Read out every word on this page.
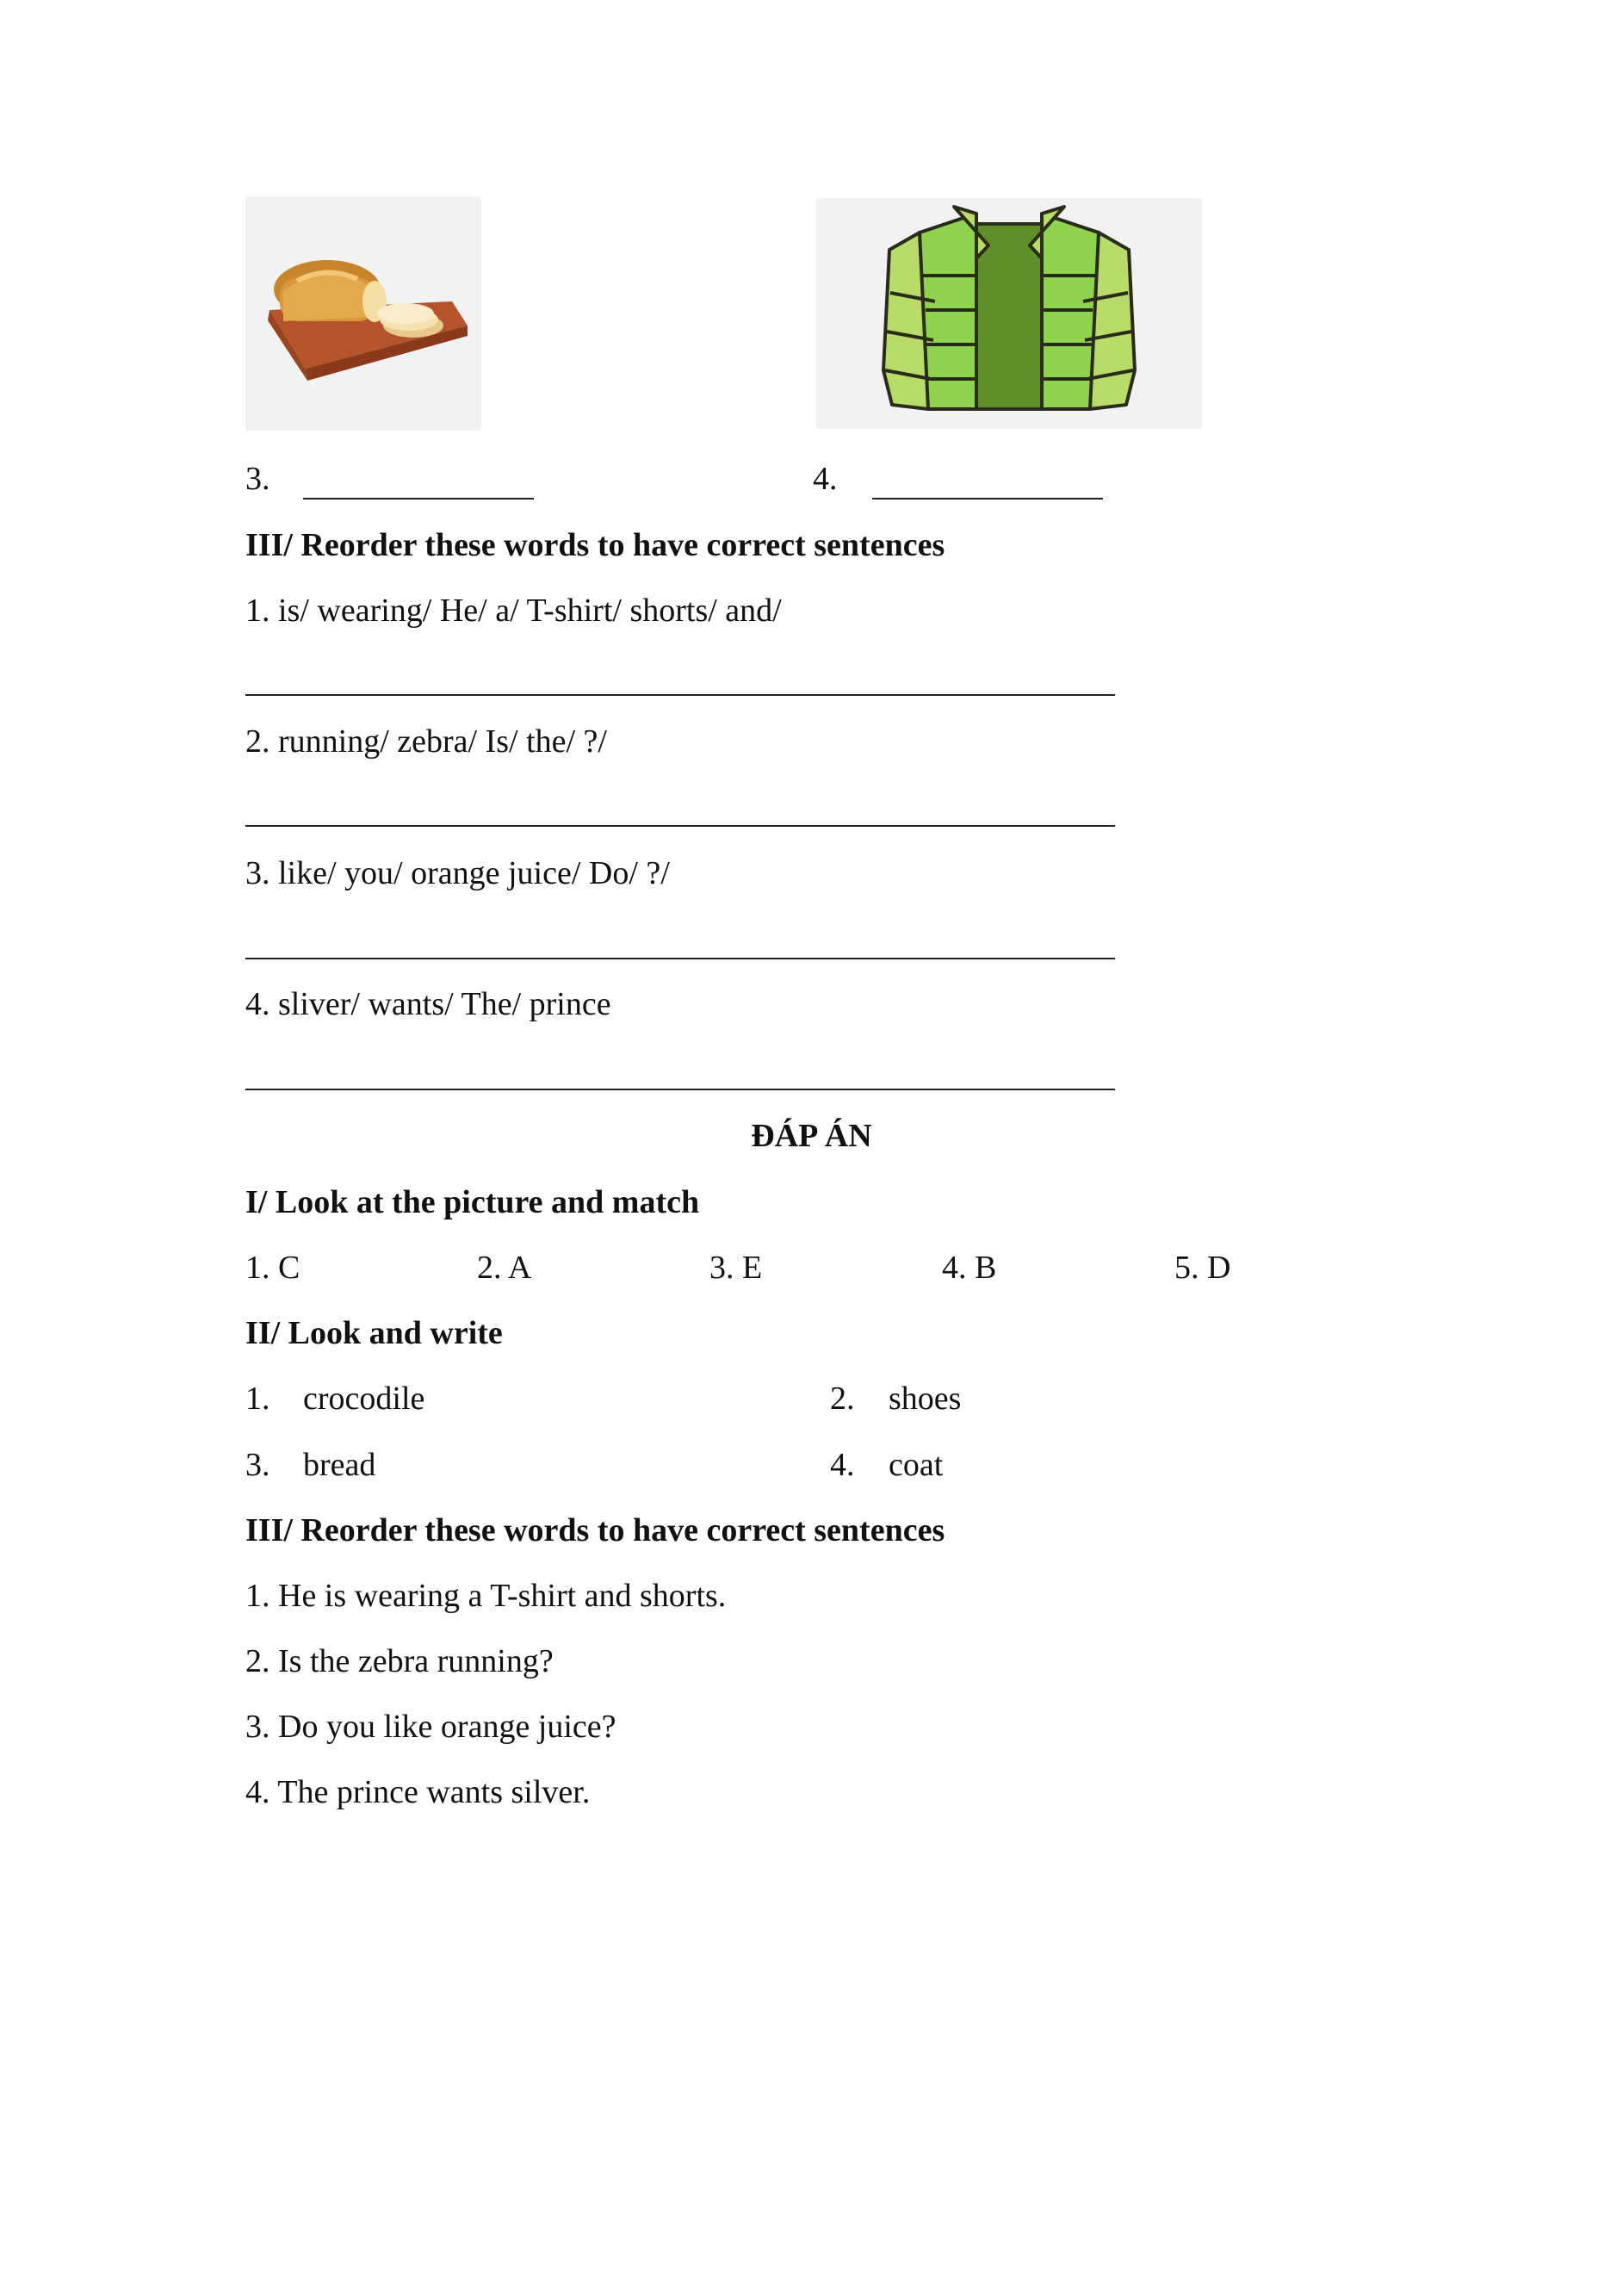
3.	4.
III/ Reorder these words to have correct sentences
1. is/ wearing/ He/ a/ T-shirt/ shorts/ and/
2. running/ zebra/ Is/ the/ ?/
3. like/ you/ orange juice/ Do/ ?/
4. sliver/ wants/ The/ prince
ĐÁP ÁN
I/ Look at the picture and match
1. C	2. A	3. E	4. B	5. D
II/ Look and write
1. crocodile	2. shoes
3. bread	4. coat
III/ Reorder these words to have correct sentences
1. He is wearing a T-shirt and shorts.
2. Is the zebra running?
3. Do you like orange juice?
4. The prince wants silver.
